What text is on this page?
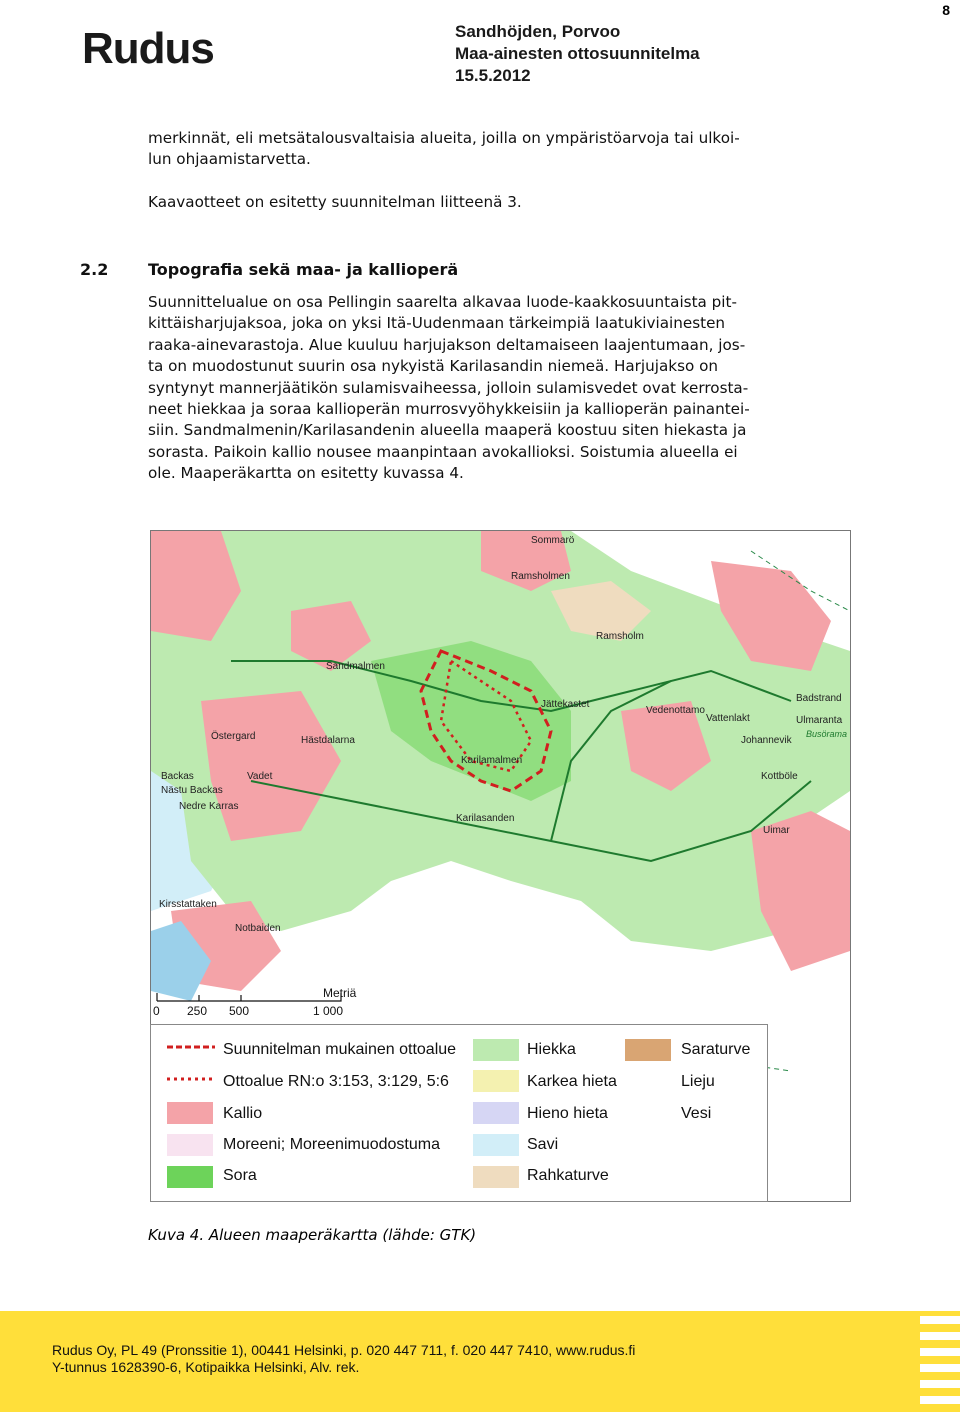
Rudus	Sandhöjden, Porvoo
Maa-ainesten ottosuunnitelma
15.5.2012
8
merkinnät, eli metsätalousvaltaisia alueita, joilla on ympäristöarvoja tai ulkoi-
lun ohjaamistarvetta.
Kaavaotteet on esitetty suunnitelman liitteenä 3.
2.2 Topografia sekä maa- ja kallioperä
Suunnittelualue on osa Pellingin saarelta alkavaa luode-kaakkosuuntaista pit-
kittäisharjujaksoa, joka on yksi Itä-Uudenmaan tärkeimpiä laatukiviainesten
raaka-ainevarastoja. Alue kuuluu harjujakson deltamaiseen laajentumaan, jos-
ta on muodostunut suurin osa nykyistä Karilasandin niemeä. Harjujakso on
syntynyt mannerjäätikön sulamisvaiheessa, jolloin sulamisvedet ovat kerrosta-
neet hiekkaa ja soraa kallioperän murrosvyöhykkeisiin ja kallioperän painantei-
siin. Sandmalmenin/Karilasandenin alueella maaperä koostuu siten hiekasta ja
sorasta. Paikoin kallio nousee maanpintaan avokallioksi. Soistumia alueella ei
ole. Maaperäkartta on esitetty kuvassa 4.
Sommarö
Ramsholmen
Ramsholm
Sandmalmen
Jättekastet
Vedenottamo
Vattenlakt
Badstrand
Ulmaranta
Johannevik
Busörama
Östergard	Hästdalarna
Karilamalmen
Backas	Vadet
Nästu Backas
Nedre Karras
Karilasanden
Kottböle
Uimar
Kirsstattaken
Notbaiden
Metriä
0 250 500	1 000
Suunnitelman mukainen ottoalue
Ottoalue RN:o 3:153, 3:129, 5:6
Kallio
Moreeni; Moreenimuodostuma
Sora
Hiekka
Karkea hieta
Hieno hieta
Savi
Rahkaturve
Saraturve
Lieju
Vesi
Kuva 4. Alueen maaperäkartta (lähde: GTK)
Rudus Oy, PL 49 (Pronssitie 1), 00441 Helsinki, p. 020 447 711, f. 020 447 7410, www.rudus.fi
Y-tunnus 1628390-6, Kotipaikka Helsinki, Alv. rek.
